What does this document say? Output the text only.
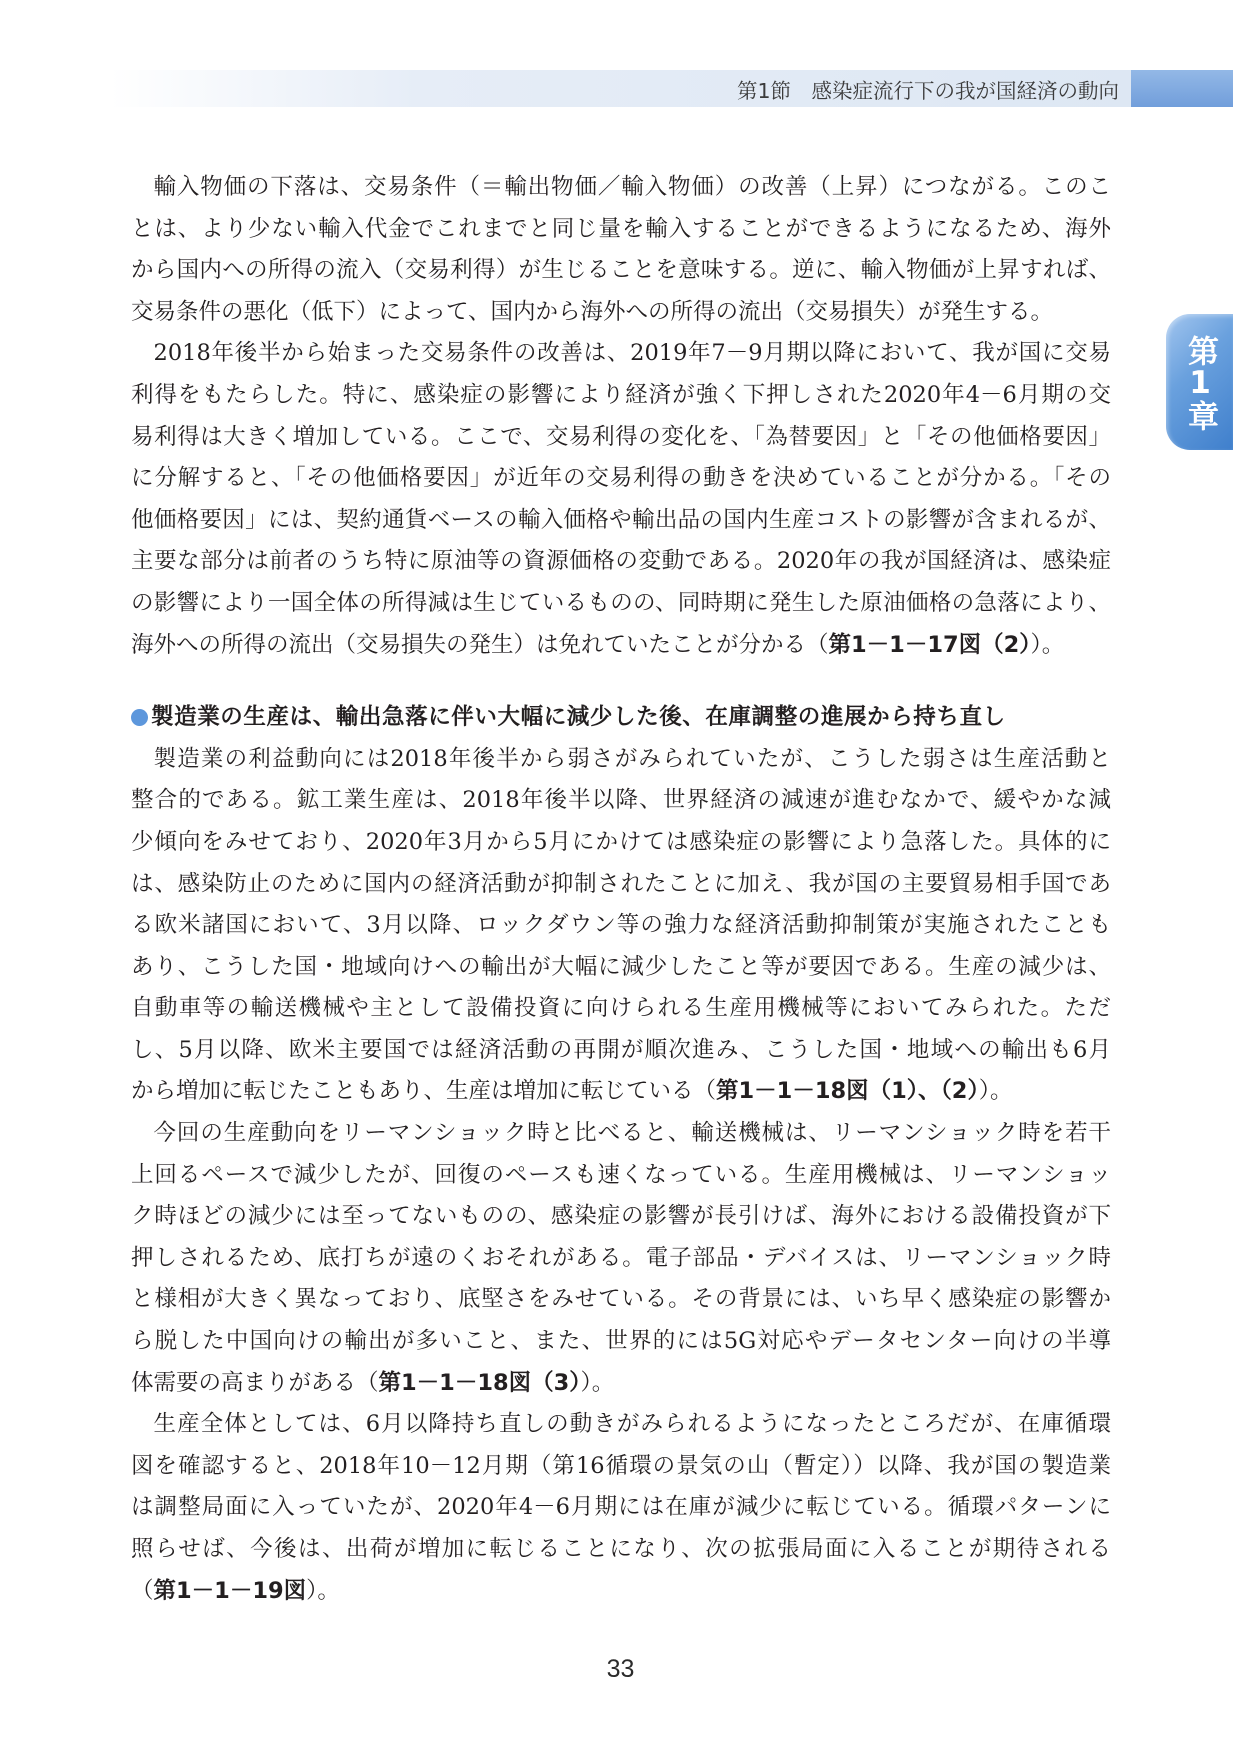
第1節　感染症流行下の我が国経済の動向
第1章
輸入物価の下落は、交易条件（＝輸出物価／輸入物価）の改善（上昇）につながる。このこ
とは、より少ない輸入代金でこれまでと同じ量を輸入することができるようになるため、海外
から国内への所得の流入（交易利得）が生じることを意味する。逆に、輸入物価が上昇すれば、
交易条件の悪化（低下）によって、国内から海外への所得の流出（交易損失）が発生する。
2018年後半から始まった交易条件の改善は、2019年7－9月期以降において、我が国に交易
利得をもたらした。特に、感染症の影響により経済が強く下押しされた2020年4－6月期の交
易利得は大きく増加している。ここで、交易利得の変化を、「為替要因」と「その他価格要因」
に分解すると、「その他価格要因」が近年の交易利得の動きを決めていることが分かる。「その
他価格要因」には、契約通貨ベースの輸入価格や輸出品の国内生産コストの影響が含まれるが、
主要な部分は前者のうち特に原油等の資源価格の変動である。2020年の我が国経済は、感染症
の影響により一国全体の所得減は生じているものの、同時期に発生した原油価格の急落により、
海外への所得の流出（交易損失の発生）は免れていたことが分かる（第1－1－17図（2））。
製造業の生産は、輸出急落に伴い大幅に減少した後、在庫調整の進展から持ち直し
製造業の利益動向には2018年後半から弱さがみられていたが、こうした弱さは生産活動と
整合的である。鉱工業生産は、2018年後半以降、世界経済の減速が進むなかで、緩やかな減
少傾向をみせており、2020年3月から5月にかけては感染症の影響により急落した。具体的に
は、感染防止のために国内の経済活動が抑制されたことに加え、我が国の主要貿易相手国であ
る欧米諸国において、3月以降、ロックダウン等の強力な経済活動抑制策が実施されたことも
あり、こうした国・地域向けへの輸出が大幅に減少したこと等が要因である。生産の減少は、
自動車等の輸送機械や主として設備投資に向けられる生産用機械等においてみられた。ただ
し、5月以降、欧米主要国では経済活動の再開が順次進み、こうした国・地域への輸出も6月
から増加に転じたこともあり、生産は増加に転じている（第1－1－18図（1）、（2））。
今回の生産動向をリーマンショック時と比べると、輸送機械は、リーマンショック時を若干
上回るペースで減少したが、回復のペースも速くなっている。生産用機械は、リーマンショッ
ク時ほどの減少には至ってないものの、感染症の影響が長引けば、海外における設備投資が下
押しされるため、底打ちが遠のくおそれがある。電子部品・デバイスは、リーマンショック時
と様相が大きく異なっており、底堅さをみせている。その背景には、いち早く感染症の影響か
ら脱した中国向けの輸出が多いこと、また、世界的には5G対応やデータセンター向けの半導
体需要の高まりがある（第1－1－18図（3））。
生産全体としては、6月以降持ち直しの動きがみられるようになったところだが、在庫循環
図を確認すると、2018年10－12月期（第16循環の景気の山（暫定））以降、我が国の製造業
は調整局面に入っていたが、2020年4－6月期には在庫が減少に転じている。循環パターンに
照らせば、今後は、出荷が増加に転じることになり、次の拡張局面に入ることが期待される
（第1－1－19図）。
33
